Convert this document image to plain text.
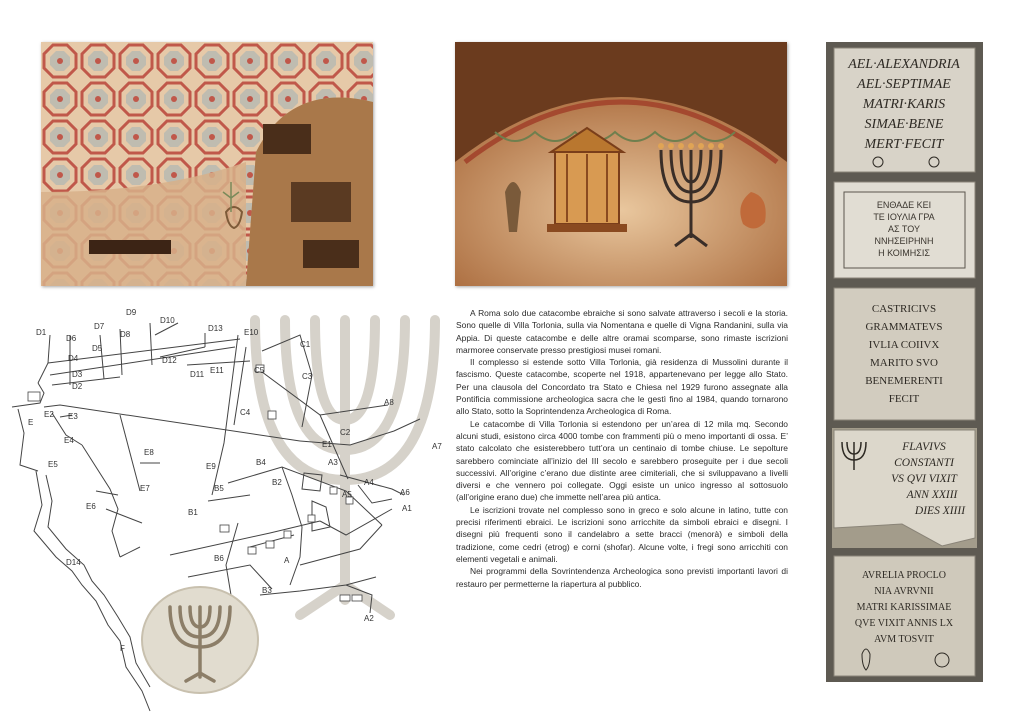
AEL·ALEXANDRIA
AEL·SEPTIMAE
MATRI·KARIS
SIMAE·BENE
MERT·FECIT
ΕΝΘΑΔΕ ΚΕΙ
ΤΕ ΙΟΥΛΙΑ ΓΡΑ
ΑΣ ΤΟΥ
ΝΝΗΣΕΙΡΗΝΗ
Η ΚΟΙΜΗΣΙΣ
CASTRICIVS
GRAMMATEVS
IVLIA COIIVX
MARITO SVO
BENEMERENTI
FECIT
FLAVIVS
CONSTANTI
VS QVI VIXIT
ANN XXIII
DIES XIIII
AVRELIA PROCLO
NIA AVRVNII
MATRI KARISSIMAE
QVE VIXIT ANNIS LX
AVM TOSVIT
D1
D9
D10
D13	E10
D6
D7
D8
D4
D5
D3
D2
D12
D11 E11	C5
C1
C3
C4
E2 E3
E4
E5
E6
E7
E8
E9	B4
B2
B5
B1
B6
B3
A
A1
A2
A3
A4
A5	A6
A7
A8
C2
E1
D14
F
E

A Roma solo due catacombe ebraiche si sono salvate attraverso i secoli e la storia. Sono quelle di Villa Torlonia, sulla via Nomentana e quelle di Vigna Randanini, sulla via Appia. Di queste catacombe e delle altre oramai scomparse, sono rimaste iscrizioni marmoree conservate presso prestigiosi musei romani.

Il complesso si estende sotto Villa Torlonia, già residenza di Mussolini durante il fascismo. Queste catacombe, scoperte nel 1918, appartenevano per legge allo Stato. Per una clausola del Concordato tra Stato e Chiesa nel 1929 furono assegnate alla Pontificia commissione archeologica sacra che le gestì fino al 1984, quando tornarono allo Stato, sotto la Soprintendenza Archeologica di Roma.

Le catacombe di Villa Torlonia si estendono per un’area di 12 mila mq. Secondo alcuni studi, esistono circa 4000 tombe con frammenti più o meno importanti di ossa. E’ stato calcolato che esisterebbero tutt’ora un centinaio di tombe chiuse. Le sepolture sarebbero cominciate all’inizio del III secolo e sarebbero proseguite per i due secoli successivi. All’origine c’erano due distinte aree cimiteriali, che si sviluppavano a livelli diversi e che vennero poi collegate. Oggi esiste un unico ingresso al sottosuolo (all’origine erano due) che immette nell’area più antica.

Le iscrizioni trovate nel complesso sono in greco e solo alcune in latino, tutte con precisi riferimenti ebraici. Le iscrizioni sono arricchite da simboli ebraici e disegni. I disegni più frequenti sono il candelabro a sette bracci (menorà) e simboli della tradizione, come cedri (etrog) e corni (shofar). Alcune volte, i fregi sono arricchiti con elementi vegetali e animali.

Nei programmi della Sovrintendenza Archeologica sono previsti importanti lavori di restauro per permetterne la riapertura al pubblico.
